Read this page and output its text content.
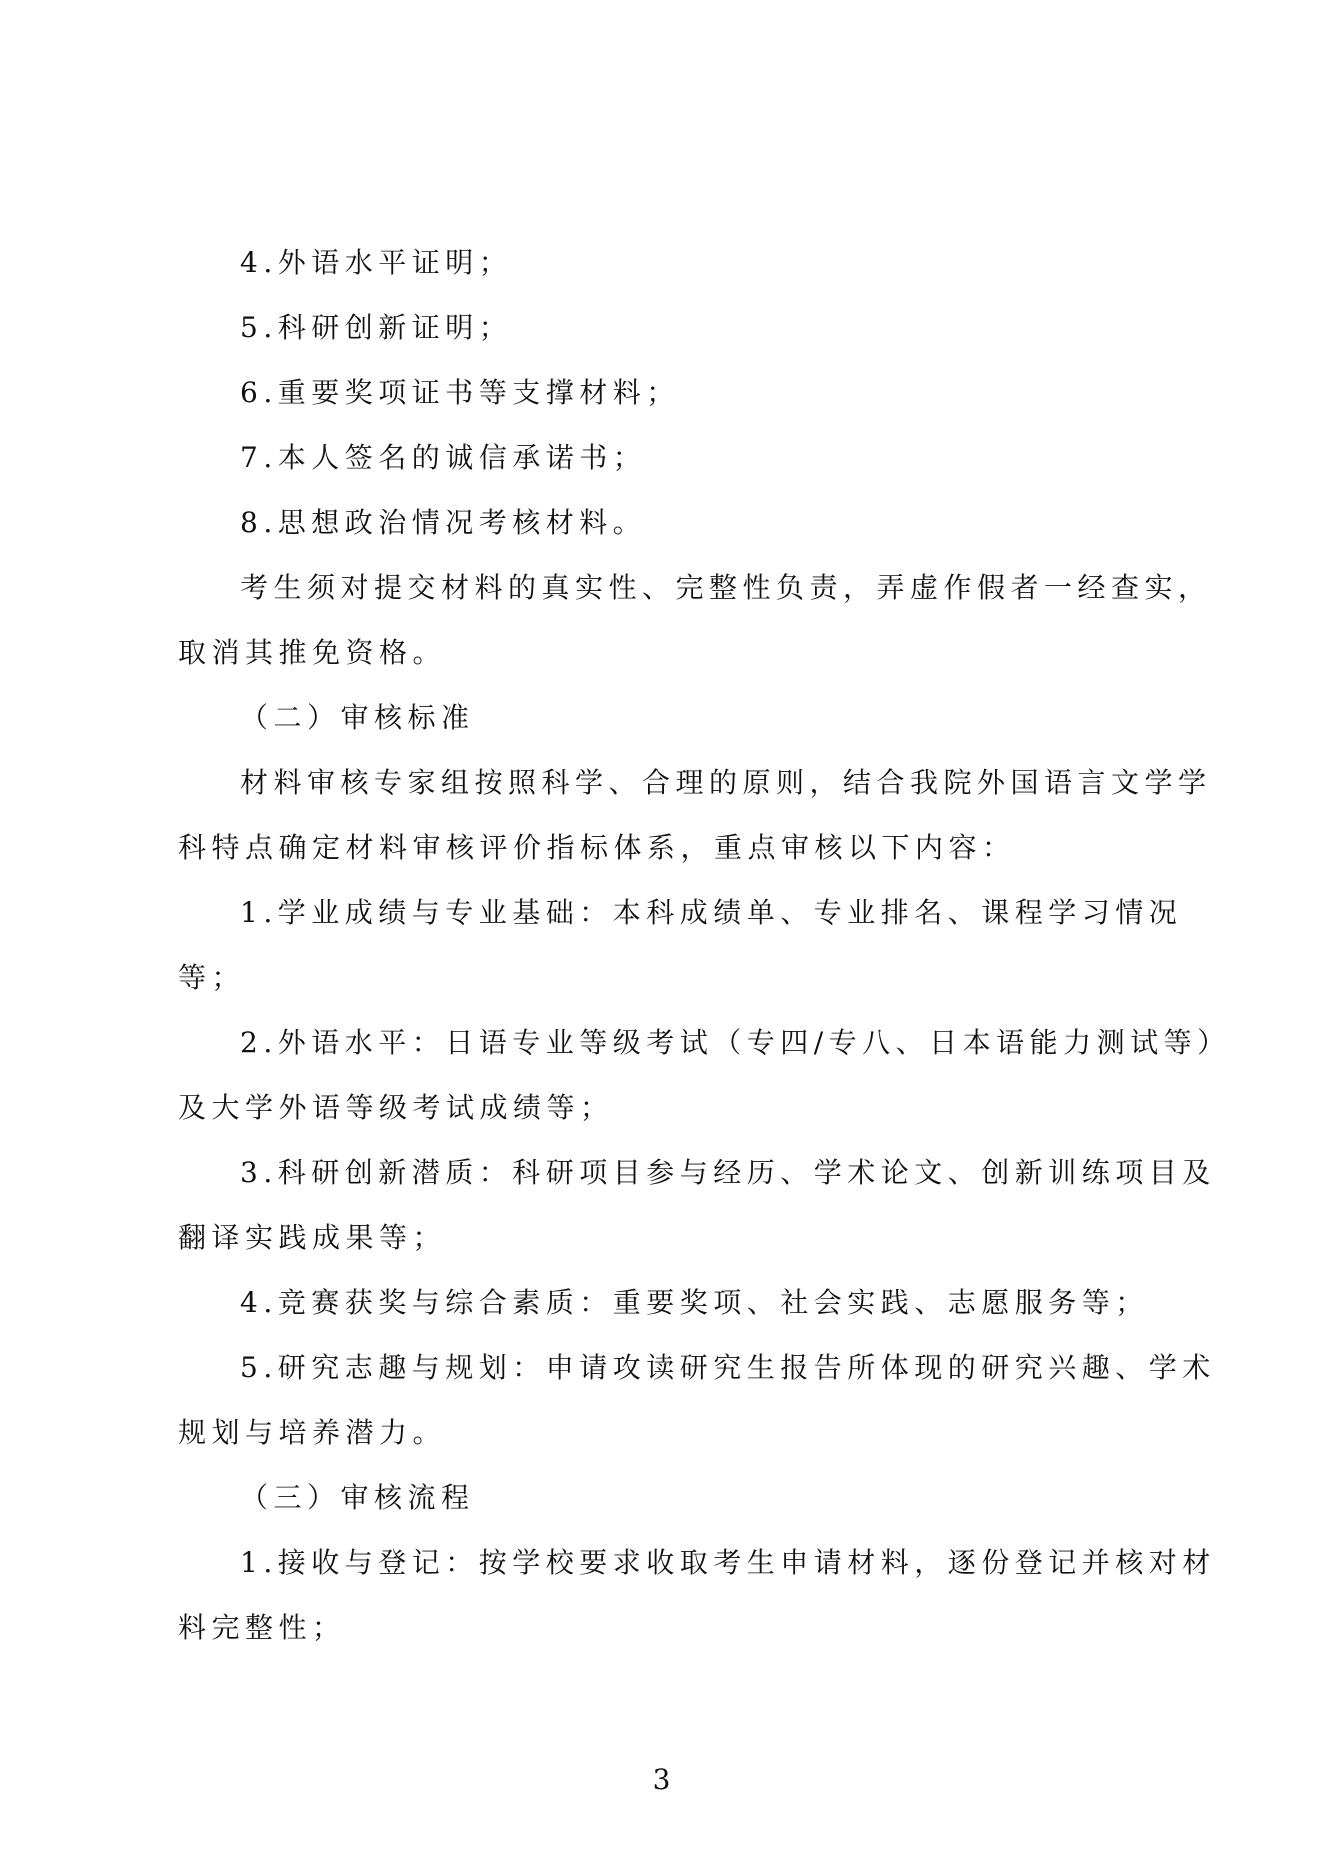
4.外语水平证明；
5.科研创新证明；
6.重要奖项证书等支撑材料；
7.本人签名的诚信承诺书；
8.思想政治情况考核材料。
考生须对提交材料的真实性、完整性负责，弄虚作假者一经查实，
取消其推免资格。
（二）审核标准
材料审核专家组按照科学、合理的原则，结合我院外国语言文学学
科特点确定材料审核评价指标体系，重点审核以下内容：
1.学业成绩与专业基础：本科成绩单、专业排名、课程学习情况
等；
2.外语水平：日语专业等级考试（专四/专八、日本语能力测试等）
及大学外语等级考试成绩等；
3.科研创新潜质：科研项目参与经历、学术论文、创新训练项目及
翻译实践成果等；
4.竞赛获奖与综合素质：重要奖项、社会实践、志愿服务等；
5.研究志趣与规划：申请攻读研究生报告所体现的研究兴趣、学术
规划与培养潜力。
（三）审核流程
1.接收与登记：按学校要求收取考生申请材料，逐份登记并核对材
料完整性；
3
